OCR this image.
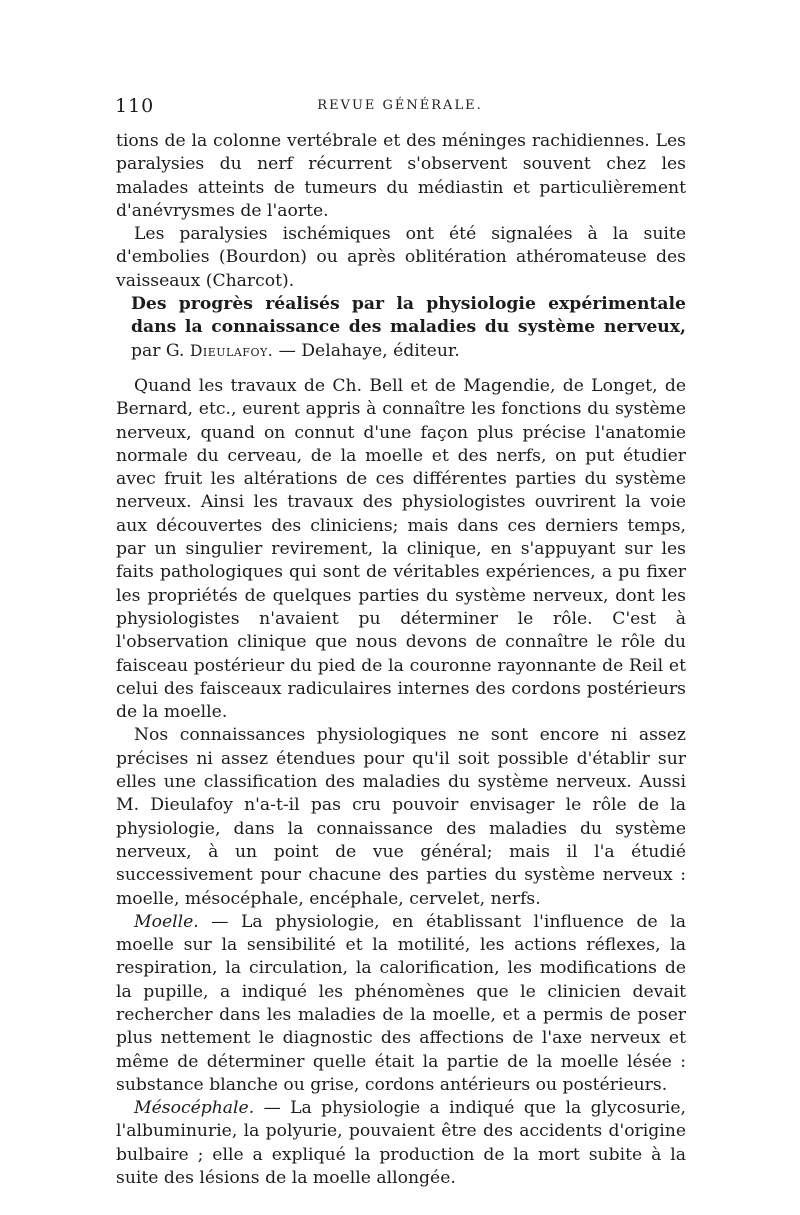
110	REVUE GÉNÉRALE.

tions de la colonne vertébrale et des méninges rachidiennes. Les paralysies du nerf récurrent s'observent souvent chez les malades atteints de tumeurs du médiastin et particulièrement d'anévrysmes de l'aorte.

Les paralysies ischémiques ont été signalées à la suite d'embolies (Bourdon) ou après oblitération athéromateuse des vaisseaux (Charcot).

Des progrès réalisés par la physiologie expérimentale dans la connaissance des maladies du système nerveux, par G. Dieulafoy. — Delahaye, éditeur.

Quand les travaux de Ch. Bell et de Magendie, de Longet, de Bernard, etc., eurent appris à connaître les fonctions du système nerveux, quand on connut d'une façon plus précise l'anatomie normale du cerveau, de la moelle et des nerfs, on put étudier avec fruit les altérations de ces différentes parties du système nerveux. Ainsi les travaux des physiologistes ouvrirent la voie aux découvertes des cliniciens; mais dans ces derniers temps, par un singulier revirement, la clinique, en s'appuyant sur les faits pathologiques qui sont de véritables expériences, a pu fixer les propriétés de quelques parties du système nerveux, dont les physiologistes n'avaient pu déterminer le rôle. C'est à l'observation clinique que nous devons de connaître le rôle du faisceau postérieur du pied de la couronne rayonnante de Reil et celui des faisceaux radiculaires internes des cordons postérieurs de la moelle.

Nos connaissances physiologiques ne sont encore ni assez précises ni assez étendues pour qu'il soit possible d'établir sur elles une classification des maladies du système nerveux. Aussi M. Dieulafoy n'a-t-il pas cru pouvoir envisager le rôle de la physiologie, dans la connaissance des maladies du système nerveux, à un point de vue général; mais il l'a étudié successivement pour chacune des parties du système nerveux : moelle, mésocéphale, encéphale, cervelet, nerfs.

Moelle. — La physiologie, en établissant l'influence de la moelle sur la sensibilité et la motilité, les actions réflexes, la respiration, la circulation, la calorification, les modifications de la pupille, a indiqué les phénomènes que le clinicien devait rechercher dans les maladies de la moelle, et a permis de poser plus nettement le diagnostic des affections de l'axe nerveux et même de déterminer quelle était la partie de la moelle lésée : substance blanche ou grise, cordons antérieurs ou postérieurs.

Mésocéphale. — La physiologie a indiqué que la glycosurie, l'albuminurie, la polyurie, pouvaient être des accidents d'origine bulbaire ; elle a expliqué la production de la mort subite à la suite des lésions de la moelle allongée.
